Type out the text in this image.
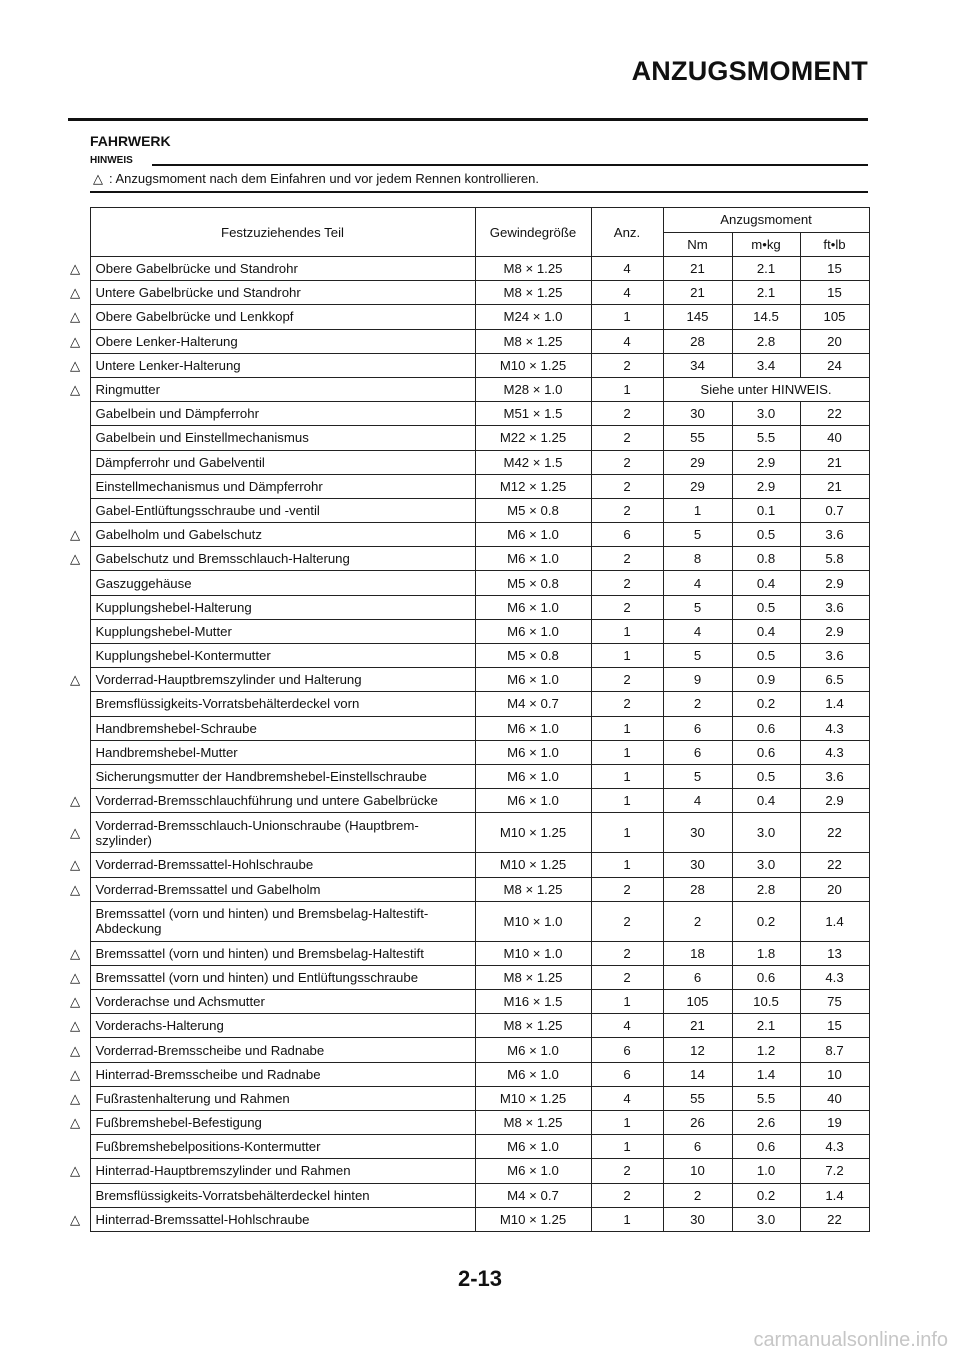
ANZUGSMOMENT
FAHRWERK
HINWEIS
△ : Anzugsmoment nach dem Einfahren und vor jedem Rennen kontrollieren.
	Festzuziehendes Teil	Gewindegröße	Anz.	Anzugsmoment		
				Nm	m•kg	ft•lb
△	Obere Gabelbrücke und Standrohr	M8 × 1.25	4	21	2.1	15
△	Untere Gabelbrücke und Standrohr	M8 × 1.25	4	21	2.1	15
△	Obere Gabelbrücke und Lenkkopf	M24 × 1.0	1	145	14.5	105
△	Obere Lenker-Halterung	M8 × 1.25	4	28	2.8	20
△	Untere Lenker-Halterung	M10 × 1.25	2	34	3.4	24
△	Ringmutter	M28 × 1.0	1	Siehe unter HINWEIS.		
	Gabelbein und Dämpferrohr	M51 × 1.5	2	30	3.0	22
	Gabelbein und Einstellmechanismus	M22 × 1.25	2	55	5.5	40
	Dämpferrohr und Gabelventil	M42 × 1.5	2	29	2.9	21
	Einstellmechanismus und Dämpferrohr	M12 × 1.25	2	29	2.9	21
	Gabel-Entlüftungsschraube und -ventil	M5 × 0.8	2	1	0.1	0.7
△	Gabelholm und Gabelschutz	M6 × 1.0	6	5	0.5	3.6
△	Gabelschutz und Bremsschlauch-Halterung	M6 × 1.0	2	8	0.8	5.8
	Gaszuggehäuse	M5 × 0.8	2	4	0.4	2.9
	Kupplungshebel-Halterung	M6 × 1.0	2	5	0.5	3.6
	Kupplungshebel-Mutter	M6 × 1.0	1	4	0.4	2.9
	Kupplungshebel-Kontermutter	M5 × 0.8	1	5	0.5	3.6
△	Vorderrad-Hauptbremszylinder und Halterung	M6 × 1.0	2	9	0.9	6.5
	Bremsflüssigkeits-Vorratsbehälterdeckel vorn	M4 × 0.7	2	2	0.2	1.4
	Handbremshebel-Schraube	M6 × 1.0	1	6	0.6	4.3
	Handbremshebel-Mutter	M6 × 1.0	1	6	0.6	4.3
	Sicherungsmutter der Handbremshebel-Einstellschraube	M6 × 1.0	1	5	0.5	3.6
△	Vorderrad-Bremsschlauchführung und untere Gabelbrücke	M6 × 1.0	1	4	0.4	2.9
△	Vorderrad-Bremsschlauch-Unionschraube (Hauptbrem-
szylinder)	M10 × 1.25	1	30	3.0	22
△	Vorderrad-Bremssattel-Hohlschraube	M10 × 1.25	1	30	3.0	22
△	Vorderrad-Bremssattel und Gabelholm	M8 × 1.25	2	28	2.8	20

	Bremssattel (vorn und hinten) und Bremsbelag-Haltestift-
Abdeckung	M10 × 1.0	2	2	0.2	1.4
△	Bremssattel (vorn und hinten) und Bremsbelag-Haltestift	M10 × 1.0	2	18	1.8	13
△	Bremssattel (vorn und hinten) und Entlüftungsschraube	M8 × 1.25	2	6	0.6	4.3
△	Vorderachse und Achsmutter	M16 × 1.5	1	105	10.5	75
△	Vorderachs-Halterung	M8 × 1.25	4	21	2.1	15
△	Vorderrad-Bremsscheibe und Radnabe	M6 × 1.0	6	12	1.2	8.7
△	Hinterrad-Bremsscheibe und Radnabe	M6 × 1.0	6	14	1.4	10
△	Fußrastenhalterung und Rahmen	M10 × 1.25	4	55	5.5	40
△	Fußbremshebel-Befestigung	M8 × 1.25	1	26	2.6	19
	Fußbremshebelpositions-Kontermutter	M6 × 1.0	1	6	0.6	4.3
△	Hinterrad-Hauptbremszylinder und Rahmen	M6 × 1.0	2	10	1.0	7.2
	Bremsflüssigkeits-Vorratsbehälterdeckel hinten	M4 × 0.7	2	2	0.2	1.4
△	Hinterrad-Bremssattel-Hohlschraube	M10 × 1.25	1	30	3.0	22
2-13
carmanualsonline.info
